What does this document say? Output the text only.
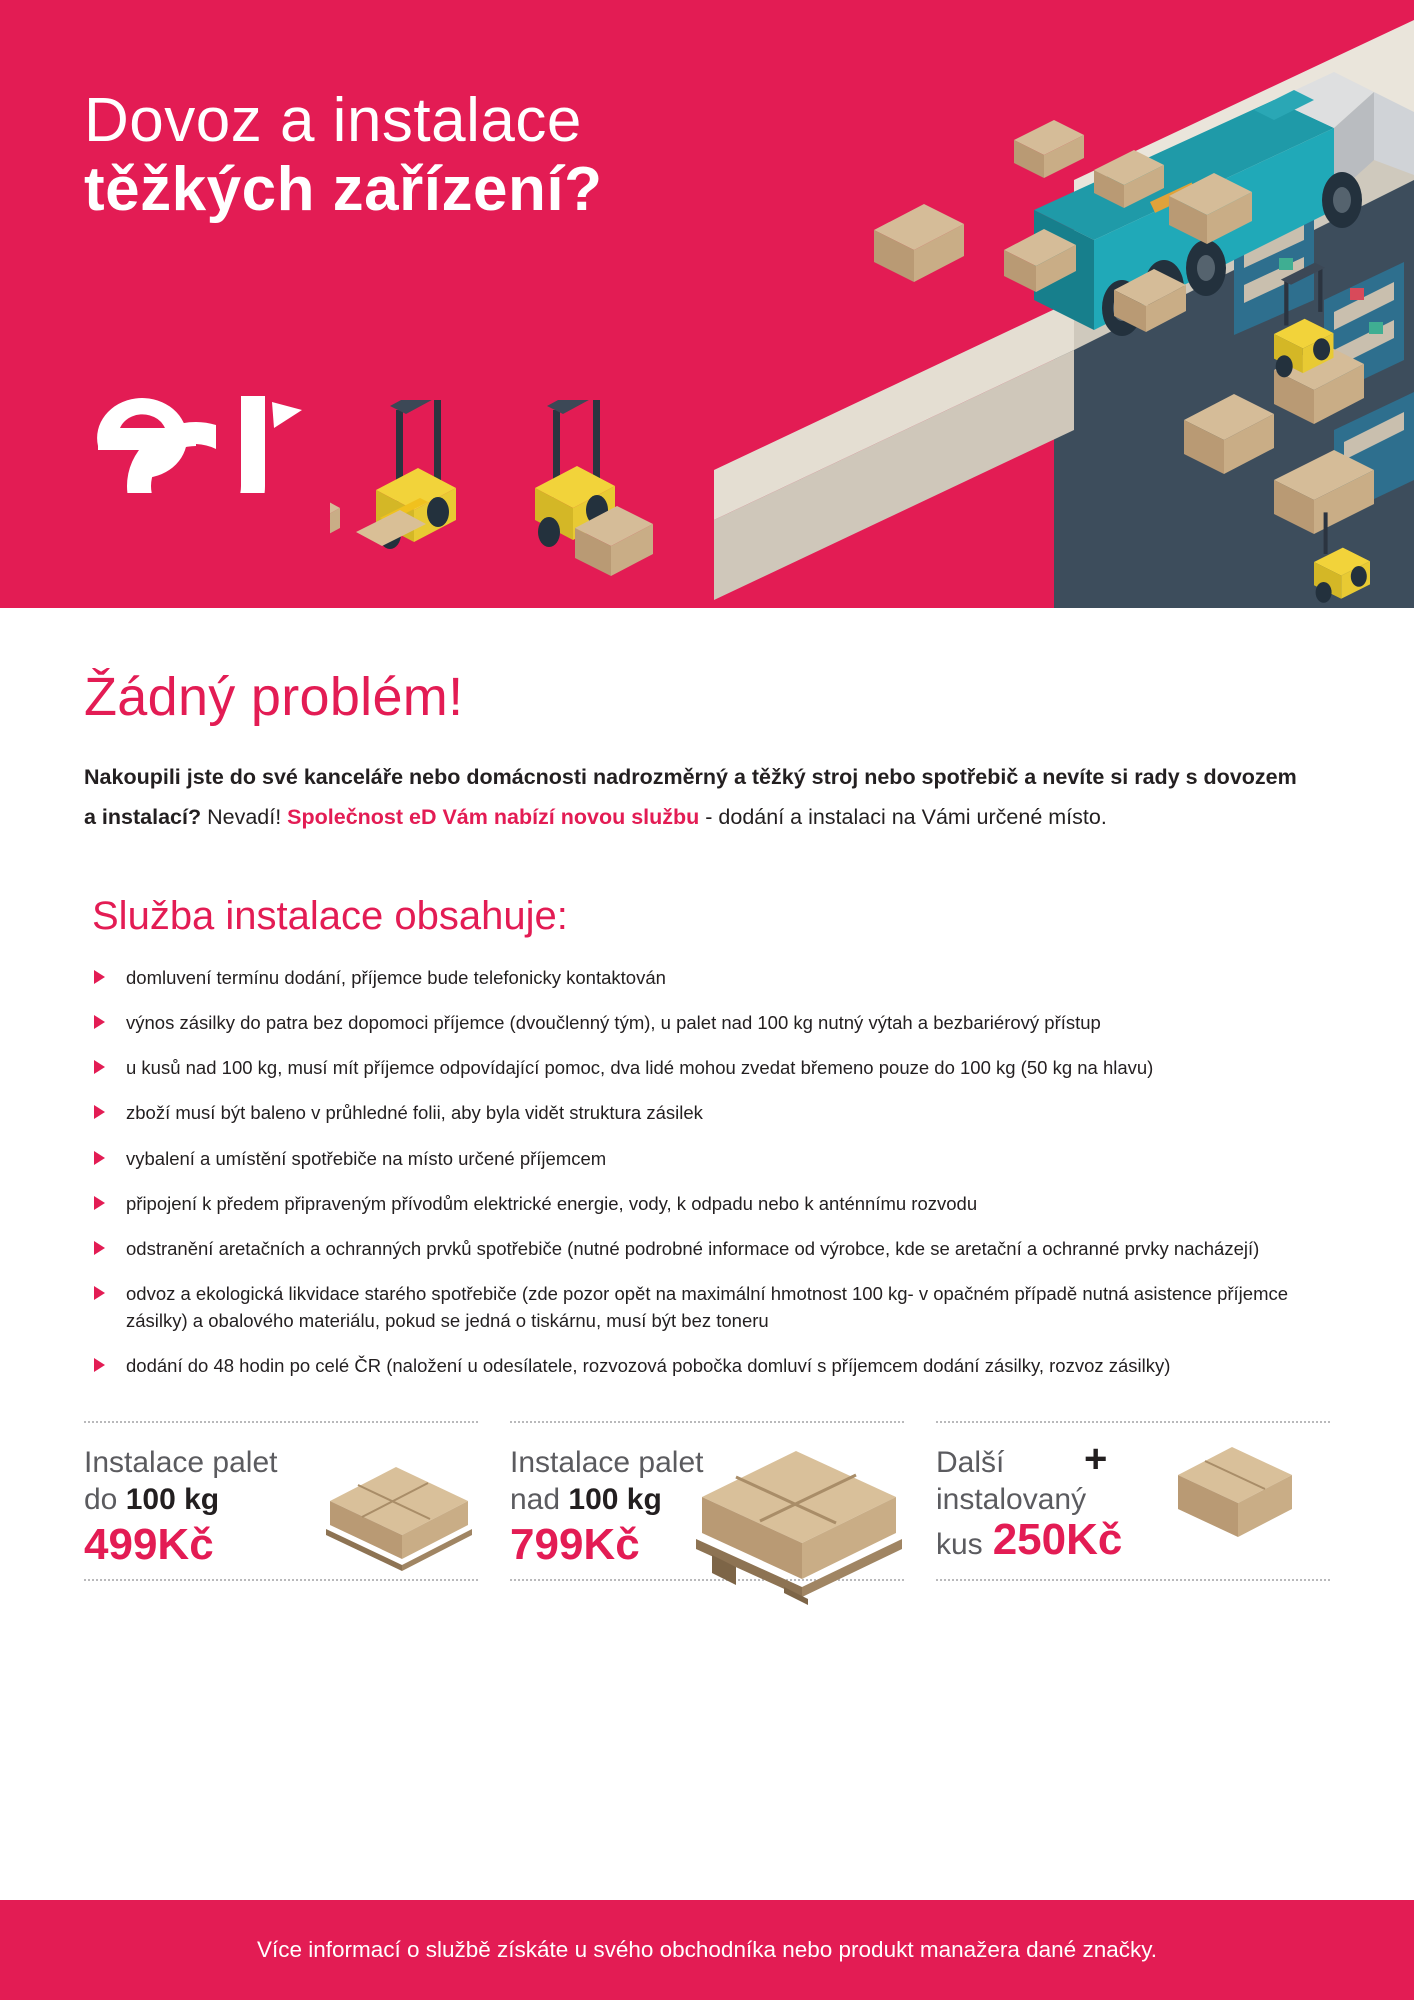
Dovoz a instalace
těžkých zařízení?
Žádný problém!

Nakoupili jste do své kanceláře nebo domácnosti nadrozměrný a těžký stroj nebo spotřebič a nevíte si rady s dovozem a instalací? Nevadí! Společnost eD Vám nabízí novou službu - dodání a instalaci na Vámi určené místo.

Služba instalace obsahuje:
domluvení termínu dodání, příjemce bude telefonicky kontaktován
výnos zásilky do patra bez dopomoci příjemce (dvoučlenný tým), u palet nad 100 kg nutný výtah a bezbariérový přístup
u kusů nad 100 kg, musí mít příjemce odpovídající pomoc, dva lidé mohou zvedat břemeno pouze do 100 kg (50 kg na hlavu)
zboží musí být baleno v průhledné folii, aby byla vidět struktura zásilek
vybalení a umístění spotřebiče na místo určené příjemcem
připojení k předem připraveným přívodům elektrické energie, vody, k odpadu nebo k anténnímu rozvodu
odstranění aretačních a ochranných prvků spotřebiče (nutné podrobné informace od výrobce, kde se aretační a ochranné prvky nacházejí)
odvoz a ekologická likvidace starého spotřebiče (zde pozor opět na maximální hmotnost 100 kg- v opačném případě nutná asistence příjemce zásilky) a obalového materiálu, pokud se jedná o tiskárnu, musí být bez toneru
dodání do 48 hodin po celé ČR (naložení u odesílatele, rozvozová pobočka domluví s příjemcem dodání zásilky, rozvoz zásilky)
Instalace palet
do 100 kg
499Kč
Instalace palet
nad 100 kg
799Kč
Další
instalovaný
kus 250Kč
+
Více informací o službě získáte u svého obchodníka nebo produkt manažera dané značky.
